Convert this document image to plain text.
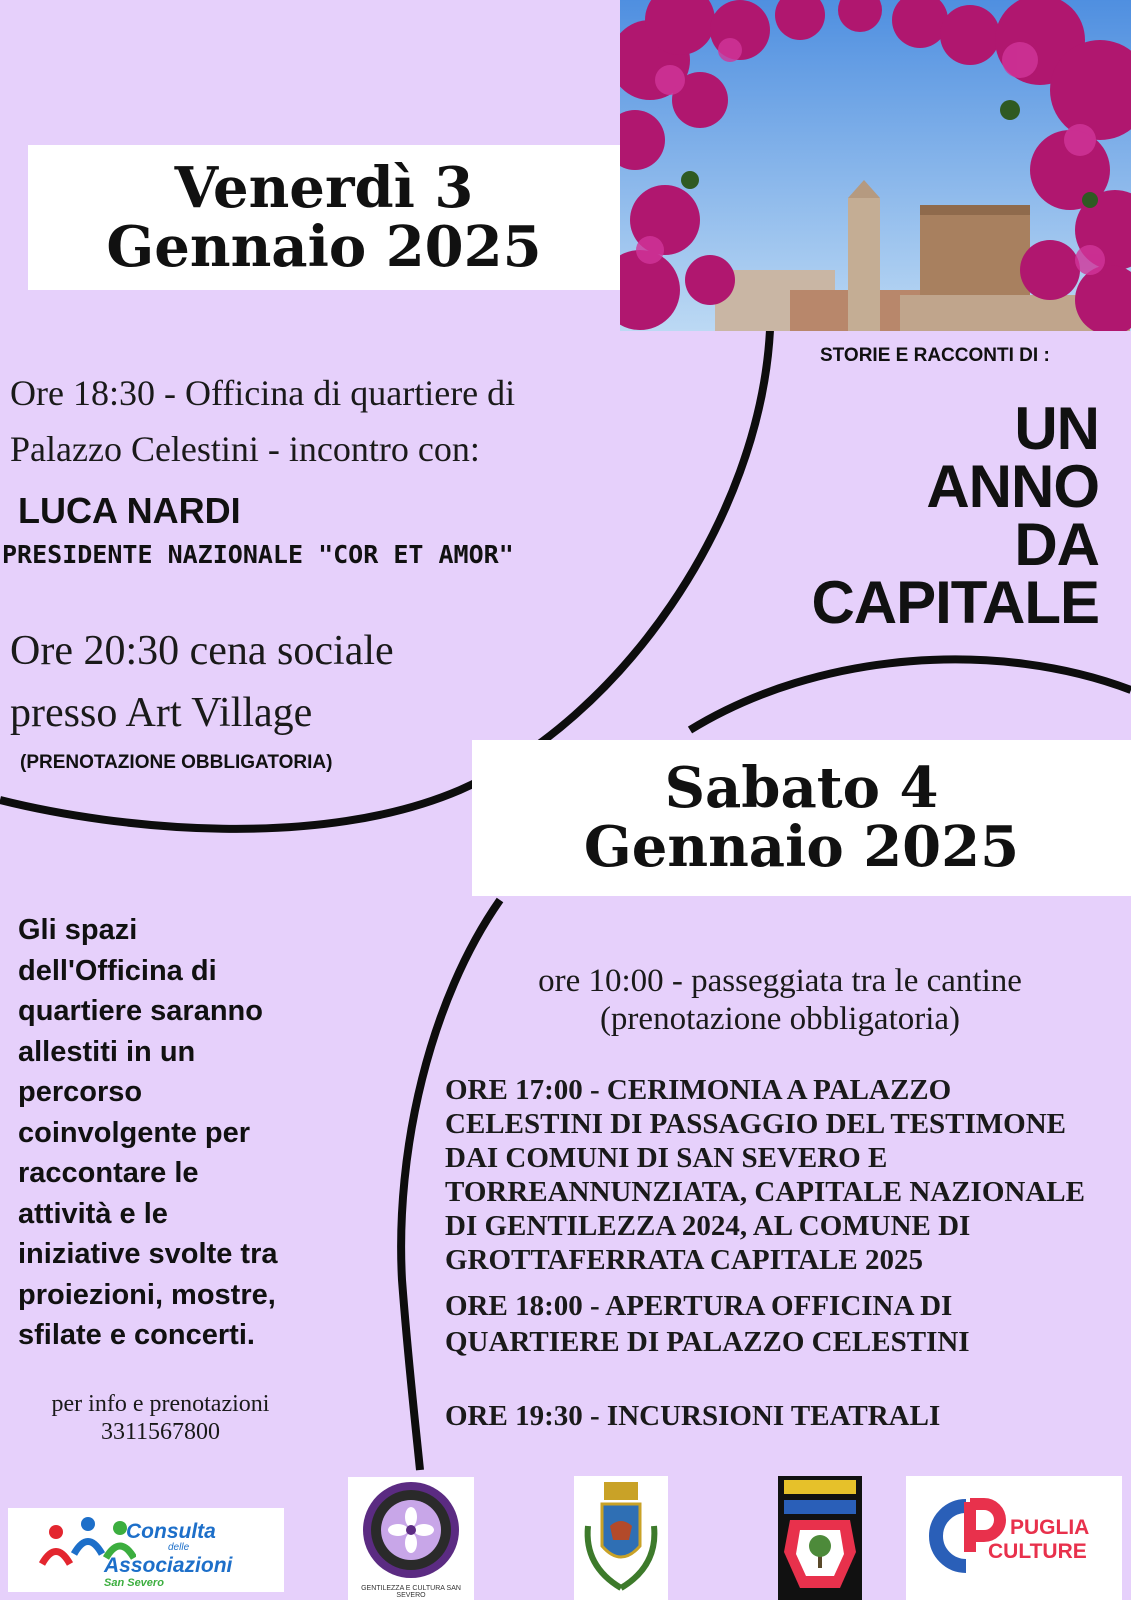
Venerdì 3
Gennaio 2025
Ore 18:30 - Officina di quartiere di
Palazzo Celestini - incontro con:
LUCA NARDI
PRESIDENTE NAZIONALE "COR ET AMOR"
Ore 20:30 cena sociale
presso Art Village
(PRENOTAZIONE OBBLIGATORIA)
STORIE E RACCONTI DI :
UN
ANNO
DA
CAPITALE
Sabato 4
Gennaio 2025
Gli spazi
dell'Officina di
quartiere saranno
allestiti in un
percorso
coinvolgente per
raccontare le
attività e le
iniziative svolte tra
proiezioni, mostre,
sfilate e concerti.
per info e prenotazioni
3311567800
ore 10:00 - passeggiata tra le cantine
(prenotazione obbligatoria)
ORE 17:00 - CERIMONIA A PALAZZO
CELESTINI DI PASSAGGIO DEL TESTIMONE
DAI COMUNI DI SAN SEVERO E
TORREANNUNZIATA, CAPITALE NAZIONALE
DI GENTILEZZA 2024, AL COMUNE DI
GROTTAFERRATA CAPITALE 2025
ORE 18:00 - APERTURA OFFICINA DI
QUARTIERE DI PALAZZO CELESTINI
ORE 19:30 - INCURSIONI TEATRALI
Consulta
delle
Associazioni
San Severo	GENTILEZZA E CULTURA SAN SEVERO
PUGLIA
CULTURE
